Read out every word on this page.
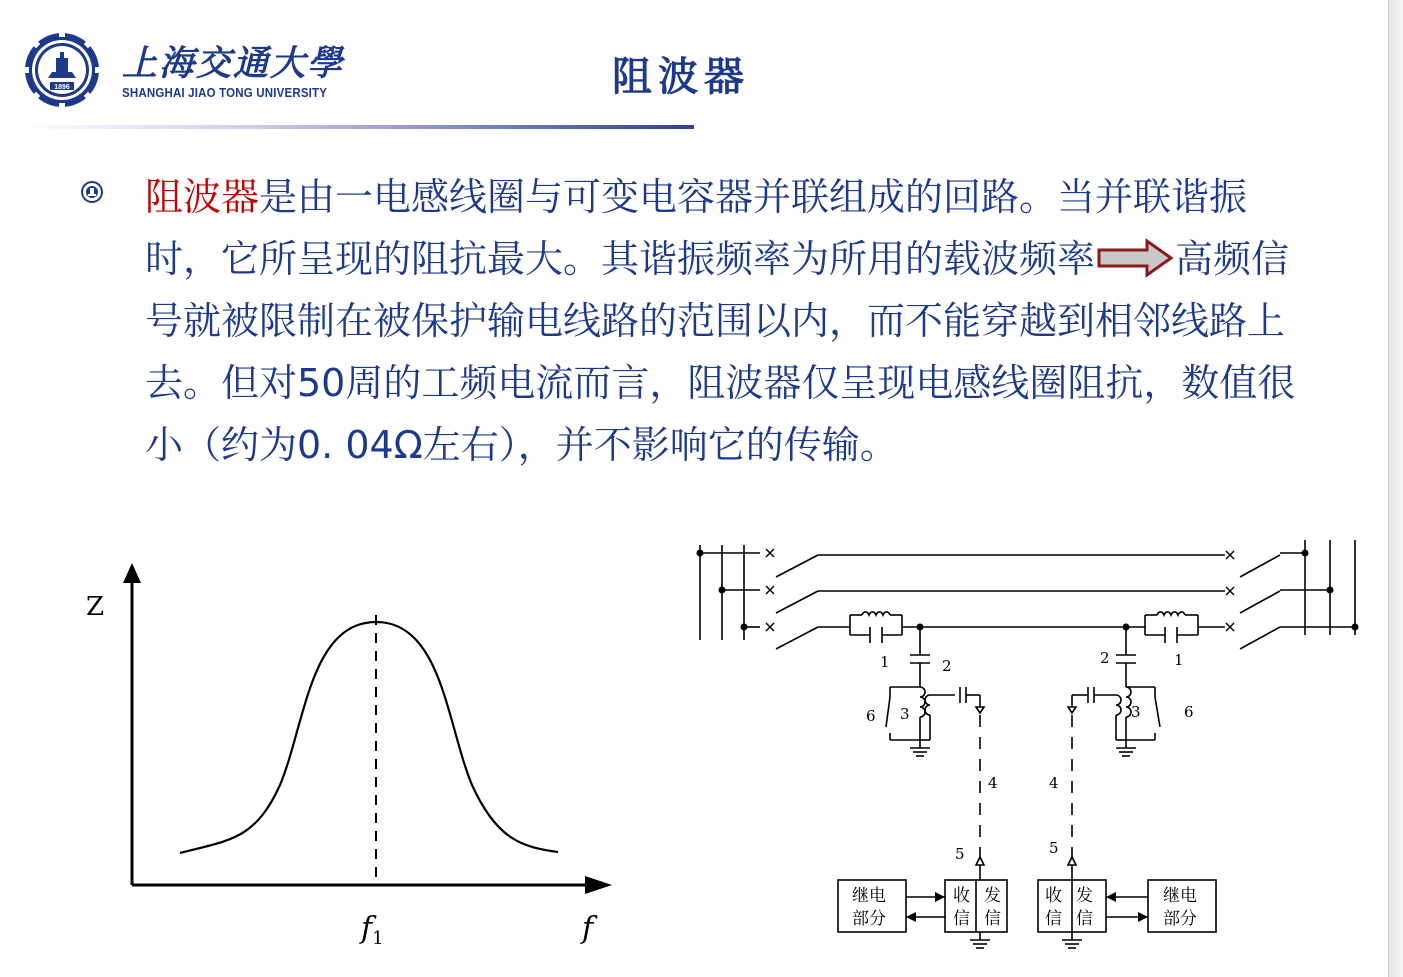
1896
上海交通大學
SHANGHAI JIAO TONG UNIVERSITY	阻波器
阻波器是由一电感线圈与可变电容器并联组成的回路。当并联谐振时，它所呈现的阻抗最大。其谐振频率为所用的载波频率 高频信号就被限制在被保护输电线路的范围以内，而不能穿越到相邻线路上去。但对50周的工频电流而言，阻波器仅呈现电感线圈阻抗，数值很小（约为0. 04Ω左右），并不影响它的传输。
Z
$f_1$	f
1	2
3
6
4
5
1
2
3	6
4
5
继电
部分
收
信
发
信
收
信
发
信
继电
部分
